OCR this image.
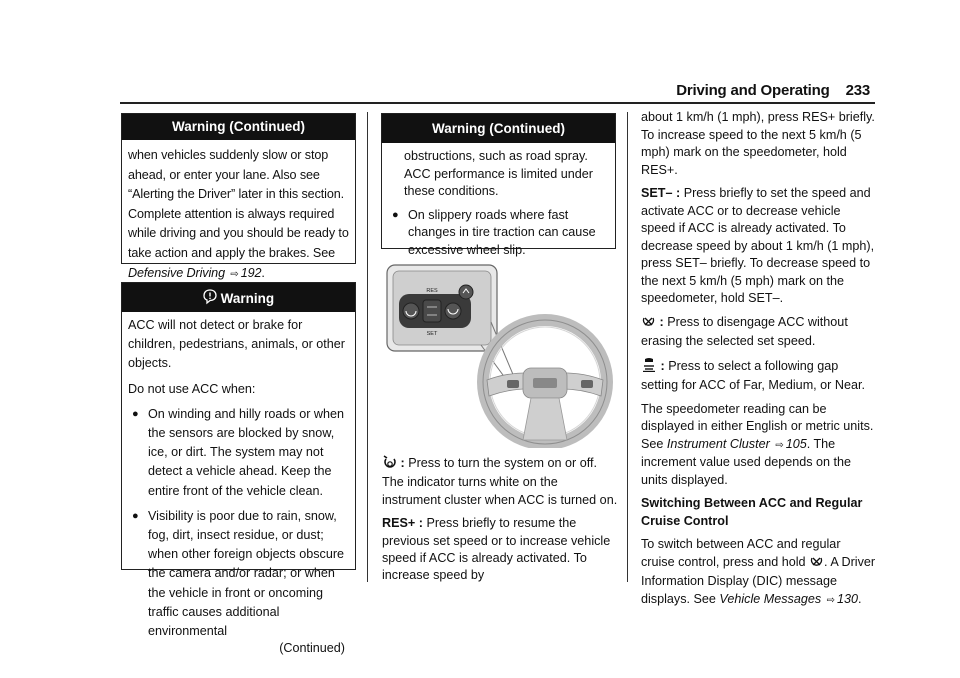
Driving and Operating 233
Warning (Continued)
when vehicles suddenly slow or stop
ahead, or enter your lane. Also see
“Alerting the Driver” later in this section.
Complete attention is always required
while driving and you should be ready to
take action and apply the brakes. See
Defensive Driving ⇨ 192.
Warning

ACC will not detect or brake for children, pedestrians, animals, or other objects.

Do not use ACC when:

● On winding and hilly roads or when the sensors are blocked by snow, ice, or dirt. The system may not detect a vehicle ahead. Keep the entire front of the vehicle clean.
● Visibility is poor due to rain, snow, fog, dirt, insect residue, or dust; when other foreign objects obscure the camera and/or radar; or when the vehicle in front or oncoming traffic causes additional environmental
(Continued)
Warning (Continued)

obstructions, such as road spray. ACC performance is limited under these conditions.

● On slippery roads where fast changes in tire traction can cause excessive wheel slip.
RES
SET

: Press to turn the system on or off. The indicator turns white on the instrument cluster when ACC is turned on.

RES+ : Press briefly to resume the previous set speed or to increase vehicle speed if ACC is already activated. To increase speed by

about 1 km/h (1 mph), press RES+ briefly. To increase speed to the next 5 km/h (5 mph) mark on the speedometer, hold RES+.

SET– : Press briefly to set the speed and activate ACC or to decrease vehicle speed if ACC is already activated. To decrease speed by about 1 km/h (1 mph), press SET– briefly. To decrease speed to the next 5 km/h (5 mph) mark on the speedometer, hold SET–.

: Press to disengage ACC without erasing the selected set speed.

: Press to select a following gap setting for ACC of Far, Medium, or Near.

The speedometer reading can be displayed in either English or metric units. See Instrument Cluster ⇨ 105. The increment value used depends on the units displayed.

Switching Between ACC and Regular Cruise Control

To switch between ACC and regular cruise control, press and hold . A Driver Information Display (DIC) message displays. See Vehicle Messages ⇨ 130.
